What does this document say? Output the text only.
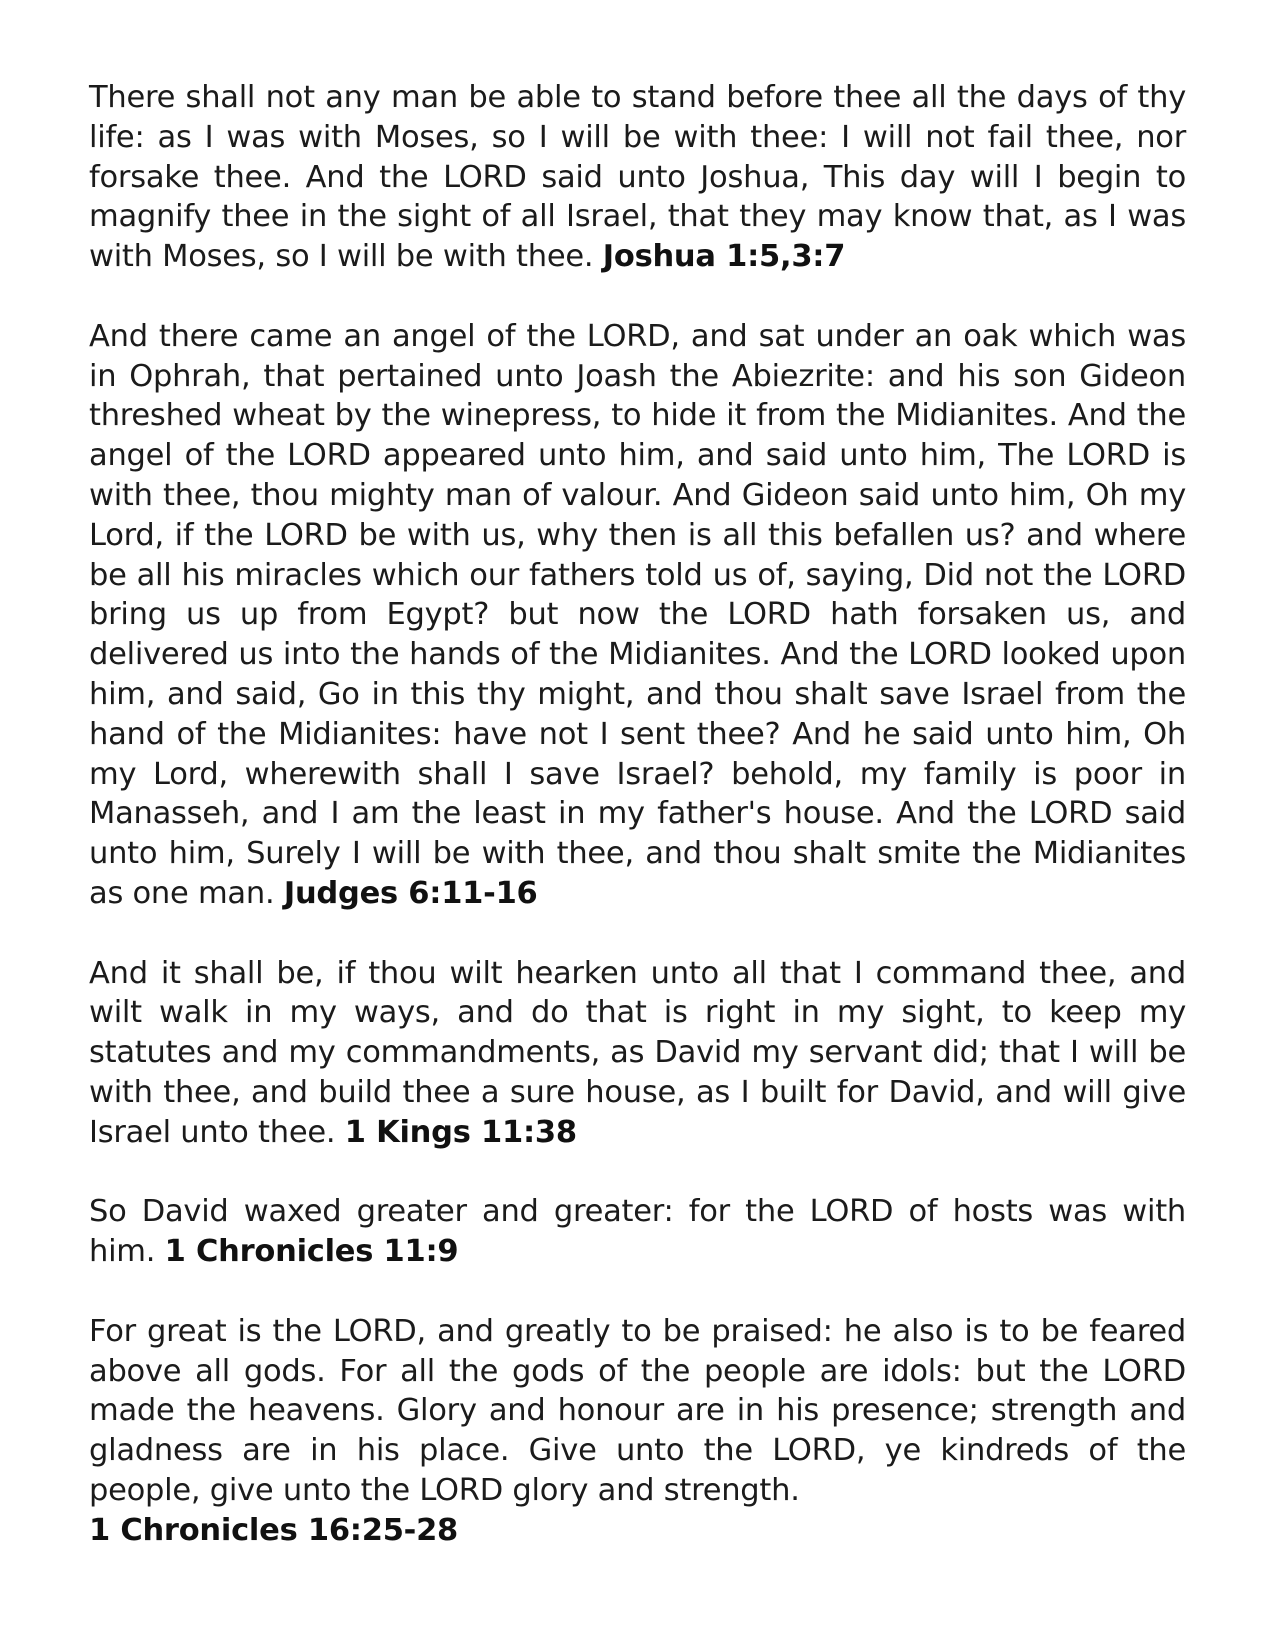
There shall not any man be able to stand before thee all the days of thy life: as I was with Moses, so I will be with thee: I will not fail thee, nor forsake thee. And the LORD said unto Joshua, This day will I begin to magnify thee in the sight of all Israel, that they may know that, as I was with Moses, so I will be with thee. Joshua 1:5,3:7

And there came an angel of the LORD, and sat under an oak which was in Ophrah, that pertained unto Joash the Abiezrite: and his son Gideon threshed wheat by the winepress, to hide it from the Midianites. And the angel of the LORD appeared unto him, and said unto him, The LORD is with thee, thou mighty man of valour. And Gideon said unto him, Oh my Lord, if the LORD be with us, why then is all this befallen us? and where be all his miracles which our fathers told us of, saying, Did not the LORD bring us up from Egypt? but now the LORD hath forsaken us, and delivered us into the hands of the Midianites. And the LORD looked upon him, and said, Go in this thy might, and thou shalt save Israel from the hand of the Midianites: have not I sent thee? And he said unto him, Oh my Lord, wherewith shall I save Israel? behold, my family is poor in Manasseh, and I am the least in my father's house. And the LORD said unto him, Surely I will be with thee, and thou shalt smite the Midianites as one man. Judges 6:11-16

And it shall be, if thou wilt hearken unto all that I command thee, and wilt walk in my ways, and do that is right in my sight, to keep my statutes and my commandments, as David my servant did; that I will be with thee, and build thee a sure house, as I built for David, and will give Israel unto thee. 1 Kings 11:38

So David waxed greater and greater: for the LORD of hosts was with him. 1 Chronicles 11:9

For great is the LORD, and greatly to be praised: he also is to be feared above all gods. For all the gods of the people are idols: but the LORD made the heavens. Glory and honour are in his presence; strength and gladness are in his place. Give unto the LORD, ye kindreds of the people, give unto the LORD glory and strength.
1 Chronicles 16:25-28
